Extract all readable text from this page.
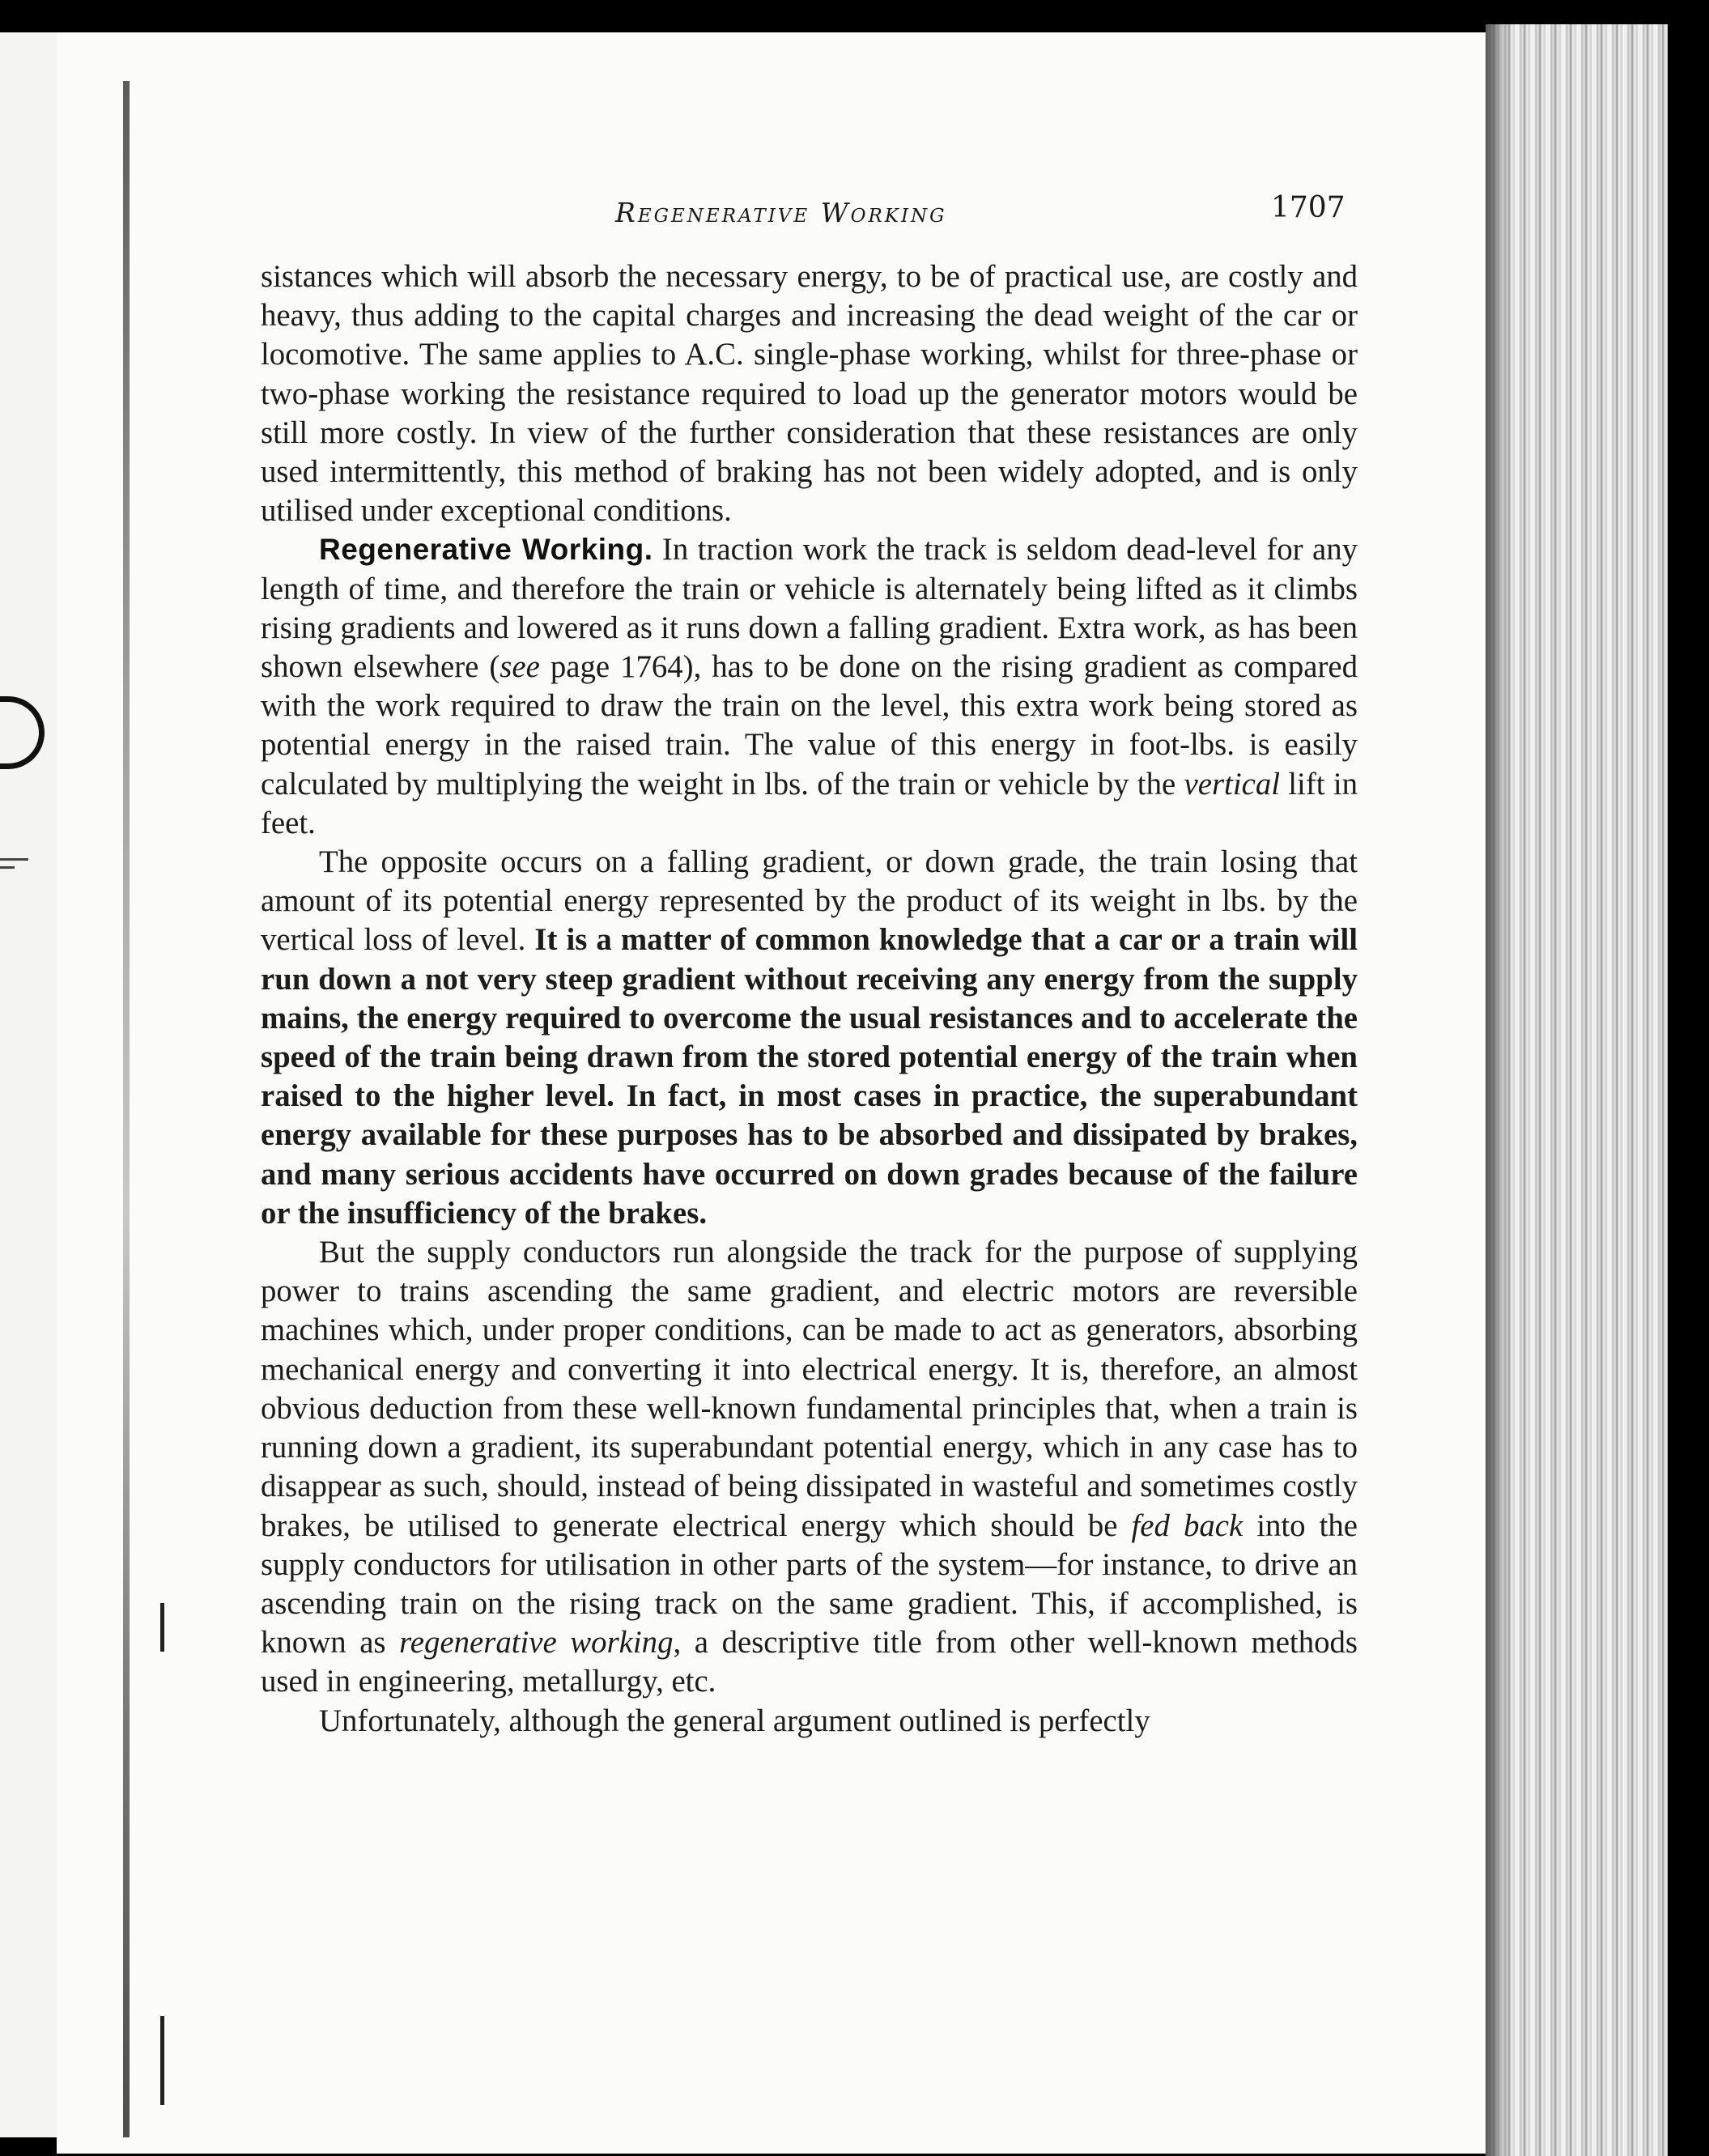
Regenerative Working	1707

sistances which will absorb the necessary energy, to be of practical use, are costly and heavy, thus adding to the capital charges and increasing the dead weight of the car or locomotive. The same applies to A.C. single-phase working, whilst for three-phase or two-phase working the resistance required to load up the generator motors would be still more costly. In view of the further consideration that these resistances are only used intermittently, this method of braking has not been widely adopted, and is only utilised under exceptional conditions.

Regenerative Working. In traction work the track is seldom dead-level for any length of time, and therefore the train or vehicle is alternately being lifted as it climbs rising gradients and lowered as it runs down a falling gradient. Extra work, as has been shown elsewhere (see page 1764), has to be done on the rising gradient as compared with the work required to draw the train on the level, this extra work being stored as potential energy in the raised train. The value of this energy in foot-lbs. is easily calculated by multiplying the weight in lbs. of the train or vehicle by the vertical lift in feet.

The opposite occurs on a falling gradient, or down grade, the train losing that amount of its potential energy represented by the product of its weight in lbs. by the vertical loss of level. It is a matter of common knowledge that a car or a train will run down a not very steep gradient without receiving any energy from the supply mains, the energy required to overcome the usual resistances and to accelerate the speed of the train being drawn from the stored potential energy of the train when raised to the higher level. In fact, in most cases in practice, the superabundant energy available for these purposes has to be absorbed and dissipated by brakes, and many serious accidents have occurred on down grades because of the failure or the insufficiency of the brakes.

But the supply conductors run alongside the track for the purpose of supplying power to trains ascending the same gradient, and electric motors are reversible machines which, under proper conditions, can be made to act as generators, absorbing mechanical energy and converting it into electrical energy. It is, therefore, an almost obvious deduction from these well-known fundamental principles that, when a train is running down a gradient, its superabundant potential energy, which in any case has to disappear as such, should, instead of being dissipated in wasteful and sometimes costly brakes, be utilised to generate electrical energy which should be fed back into the supply conductors for utilisation in other parts of the system—for instance, to drive an ascending train on the rising track on the same gradient. This, if accomplished, is known as regenerative working, a descriptive title from other well-known methods used in engineering, metallurgy, etc.

Unfortunately, although the general argument outlined is perfectly
